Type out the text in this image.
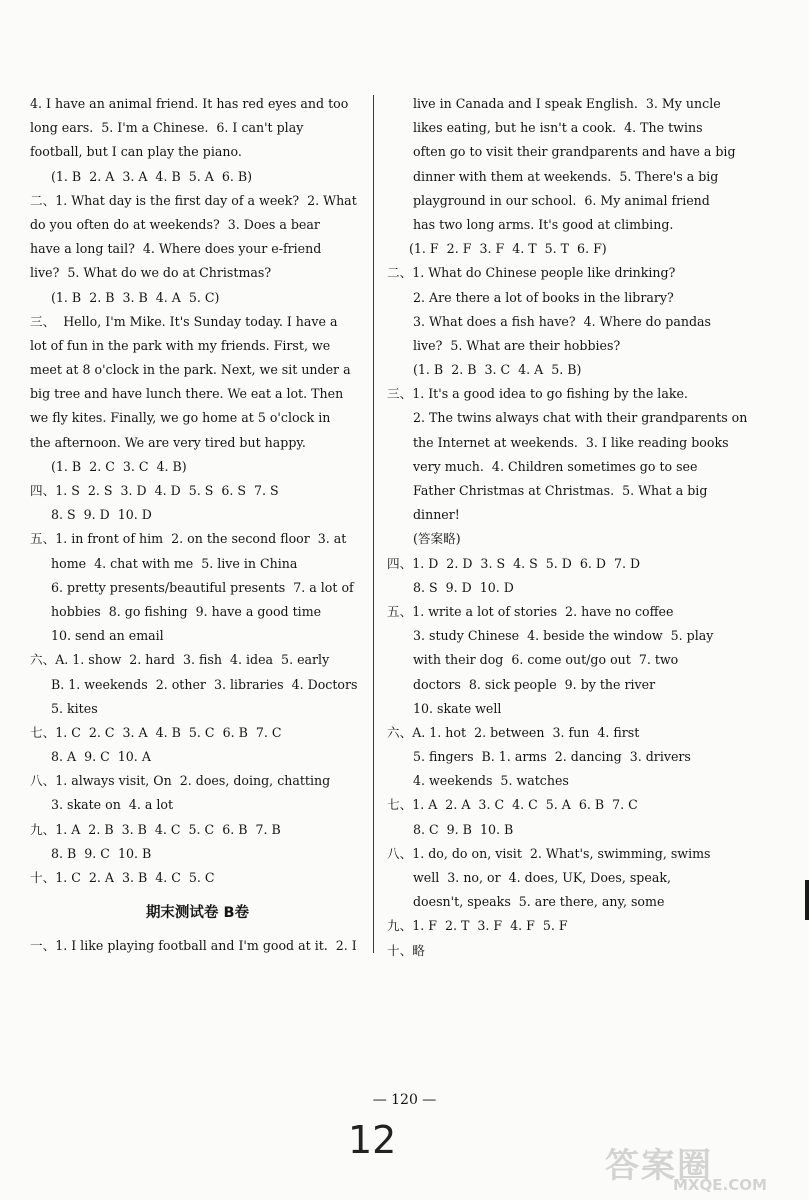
4. I have an animal friend. It has red eyes and too
long ears.  5. I'm a Chinese.  6. I can't play
football, but I can play the piano.
(1. B  2. A  3. A  4. B  5. A  6. B)
二、1. What day is the first day of a week?  2. What
do you often do at weekends?  3. Does a bear
have a long tail?  4. Where does your e-friend
live?  5. What do we do at Christmas?
(1. B  2. B  3. B  4. A  5. C)
三、  Hello, I'm Mike. It's Sunday today. I have a
lot of fun in the park with my friends. First, we
meet at 8 o'clock in the park. Next, we sit under a
big tree and have lunch there. We eat a lot. Then
we fly kites. Finally, we go home at 5 o'clock in
the afternoon. We are very tired but happy.
(1. B  2. C  3. C  4. B)
四、1. S  2. S  3. D  4. D  5. S  6. S  7. S
8. S  9. D  10. D
五、1. in front of him  2. on the second floor  3. at
home  4. chat with me  5. live in China
6. pretty presents/beautiful presents  7. a lot of
hobbies  8. go fishing  9. have a good time
10. send an email
六、A. 1. show  2. hard  3. fish  4. idea  5. early
B. 1. weekends  2. other  3. libraries  4. Doctors
5. kites
七、1. C  2. C  3. A  4. B  5. C  6. B  7. C
8. A  9. C  10. A
八、1. always visit, On  2. does, doing, chatting
3. skate on  4. a lot
九、1. A  2. B  3. B  4. C  5. C  6. B  7. B
8. B  9. C  10. B
十、1. C  2. A  3. B  4. C  5. C
期末测试卷 B卷
一、1. I like playing football and I'm good at it.  2. I
live in Canada and I speak English.  3. My uncle
likes eating, but he isn't a cook.  4. The twins
often go to visit their grandparents and have a big
dinner with them at weekends.  5. There's a big
playground in our school.  6. My animal friend
has two long arms. It's good at climbing.
(1. F  2. F  3. F  4. T  5. T  6. F)
二、1. What do Chinese people like drinking?
2. Are there a lot of books in the library?
3. What does a fish have?  4. Where do pandas
live?  5. What are their hobbies?
(1. B  2. B  3. C  4. A  5. B)
三、1. It's a good idea to go fishing by the lake.
2. The twins always chat with their grandparents on
the Internet at weekends.  3. I like reading books
very much.  4. Children sometimes go to see
Father Christmas at Christmas.  5. What a big
dinner!
(答案略)
四、1. D  2. D  3. S  4. S  5. D  6. D  7. D
8. S  9. D  10. D
五、1. write a lot of stories  2. have no coffee
3. study Chinese  4. beside the window  5. play
with their dog  6. come out/go out  7. two
doctors  8. sick people  9. by the river
10. skate well
六、A. 1. hot  2. between  3. fun  4. first
5. fingers  B. 1. arms  2. dancing  3. drivers
4. weekends  5. watches
七、1. A  2. A  3. C  4. C  5. A  6. B  7. C
8. C  9. B  10. B
八、1. do, do on, visit  2. What's, swimming, swims
well  3. no, or  4. does, UK, Does, speak,
doesn't, speaks  5. are there, any, some
九、1. F  2. T  3. F  4. F  5. F
十、略
— 120 —
12
答案圈
MXQE.COM
